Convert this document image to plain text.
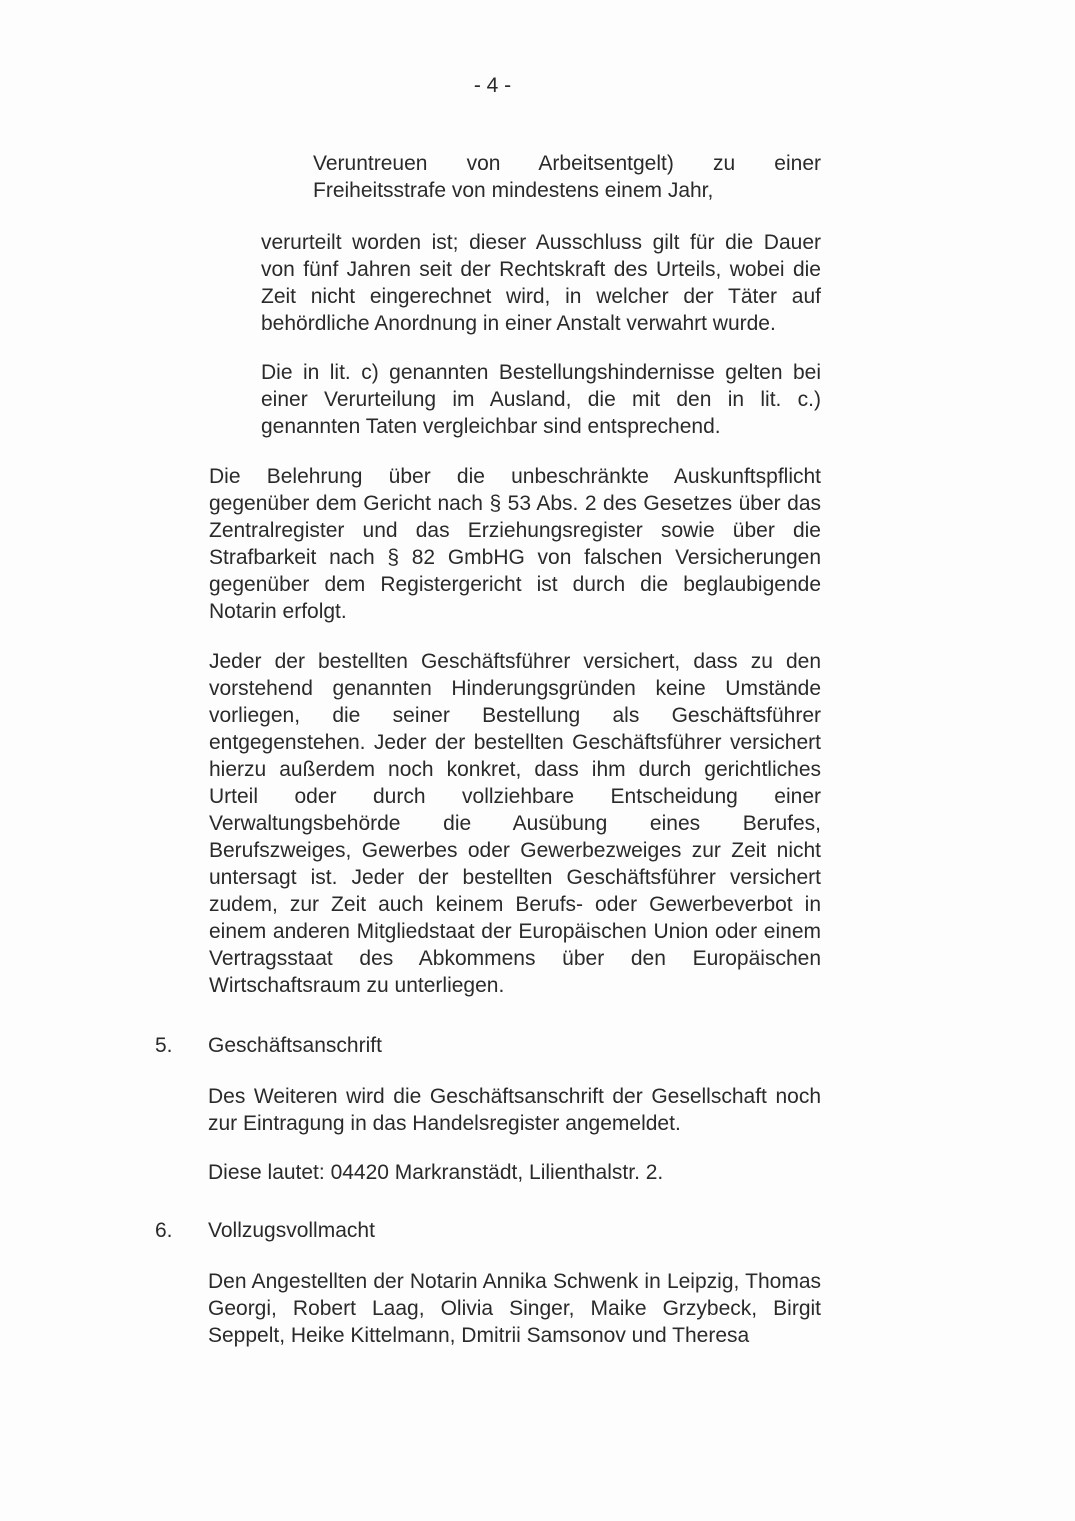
- 4 -

Veruntreuen von Arbeitsentgelt) zu einer Freiheitsstrafe von mindestens einem Jahr,

verurteilt worden ist; dieser Ausschluss gilt für die Dauer von fünf Jahren seit der Rechtskraft des Urteils, wobei die Zeit nicht eingerechnet wird, in welcher der Täter auf behördliche Anordnung in einer Anstalt verwahrt wurde.

Die in lit. c) genannten Bestellungshindernisse gelten bei einer Verurteilung im Ausland, die mit den in lit. c.) genannten Taten vergleichbar sind entsprechend.

Die Belehrung über die unbeschränkte Auskunftspflicht gegenüber dem Gericht nach § 53 Abs. 2 des Gesetzes über das Zentralregister und das Erziehungsregister sowie über die Strafbarkeit nach § 82 GmbHG von falschen Versicherungen gegenüber dem Registergericht ist durch die beglaubigende Notarin erfolgt.

Jeder der bestellten Geschäftsführer versichert, dass zu den vorstehend genannten Hinderungsgründen keine Umstände vorliegen, die seiner Bestellung als Geschäftsführer entgegenstehen. Jeder der bestellten Geschäftsführer versichert hierzu außerdem noch konkret, dass ihm durch gerichtliches Urteil oder durch vollziehbare Entscheidung einer Verwaltungsbehörde die Ausübung eines Berufes, Berufszweiges, Gewerbes oder Gewerbezweiges zur Zeit nicht untersagt ist. Jeder der bestellten Geschäftsführer versichert zudem, zur Zeit auch keinem Berufs- oder Gewerbeverbot in einem anderen Mitgliedstaat der Europäischen Union oder einem Vertragsstaat des Abkommens über den Europäischen Wirtschaftsraum zu unterliegen.

5. Geschäftsanschrift

Des Weiteren wird die Geschäftsanschrift der Gesellschaft noch zur Eintragung in das Handelsregister angemeldet.

Diese lautet: 04420 Markranstädt, Lilienthalstr. 2.

6. Vollzugsvollmacht

Den Angestellten der Notarin Annika Schwenk in Leipzig, Thomas Georgi, Robert Laag, Olivia Singer, Maike Grzybeck, Birgit Seppelt, Heike Kittelmann, Dmitrii Samsonov und Theresa
